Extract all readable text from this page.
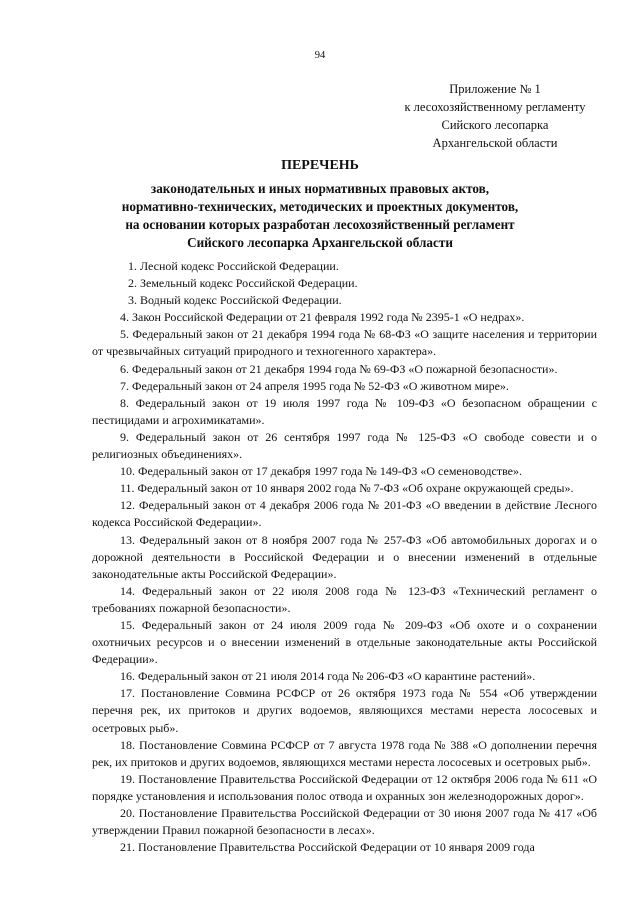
94
Приложение № 1
к лесохозяйственному регламенту
Сийского лесопарка
Архангельской области
ПЕРЕЧЕНЬ
законодательных и иных нормативных правовых актов,
нормативно-технических, методических и проектных документов,
на основании которых разработан лесохозяйственный регламент
Сийского лесопарка Архангельской области

1. Лесной кодекс Российской Федерации.

2. Земельный кодекс Российской Федерации.

3. Водный кодекс Российской Федерации.

4. Закон Российской Федерации от 21 февраля 1992 года № 2395-1 «О недрах».

5. Федеральный закон от 21 декабря 1994 года № 68-ФЗ «О защите населения и территории от чрезвычайных ситуаций природного и техногенного характера».

6. Федеральный закон от 21 декабря 1994 года № 69-ФЗ «О пожарной безопасности».

7. Федеральный закон от 24 апреля 1995 года № 52-ФЗ «О животном мире».

8. Федеральный закон от 19 июля 1997 года № 109-ФЗ «О безопасном обращении с пестицидами и агрохимикатами».

9. Федеральный закон от 26 сентября 1997 года № 125-ФЗ «О свободе совести и о религиозных объединениях».

10. Федеральный закон от 17 декабря 1997 года № 149-ФЗ «О семеноводстве».

11. Федеральный закон от 10 января 2002 года № 7-ФЗ «Об охране окружающей среды».

12. Федеральный закон от 4 декабря 2006 года № 201-ФЗ «О введении в действие Лесного кодекса Российской Федерации».

13. Федеральный закон от 8 ноября 2007 года № 257-ФЗ «Об автомобильных дорогах и о дорожной деятельности в Российской Федерации и о внесении изменений в отдельные законодательные акты Российской Федерации».

14. Федеральный закон от 22 июля 2008 года № 123-ФЗ «Технический регламент о требованиях пожарной безопасности».

15. Федеральный закон от 24 июля 2009 года № 209-ФЗ «Об охоте и о сохранении охотничьих ресурсов и о внесении изменений в отдельные законодательные акты Российской Федерации».

16. Федеральный закон от 21 июля 2014 года № 206-ФЗ «О карантине растений».

17. Постановление Совмина РСФСР от 26 октября 1973 года № 554 «Об утверждении перечня рек, их притоков и других водоемов, являющихся местами нереста лососевых и осетровых рыб».

18. Постановление Совмина РСФСР от 7 августа 1978 года № 388 «О дополнении перечня рек, их притоков и других водоемов, являющихся местами нереста лососевых и осетровых рыб».

19. Постановление Правительства Российской Федерации от 12 октября 2006 года № 611 «О порядке установления и использования полос отвода и охранных зон железнодорожных дорог».

20. Постановление Правительства Российской Федерации от 30 июня 2007 года № 417 «Об утверждении Правил пожарной безопасности в лесах».

21. Постановление Правительства Российской Федерации от 10 января 2009 года
